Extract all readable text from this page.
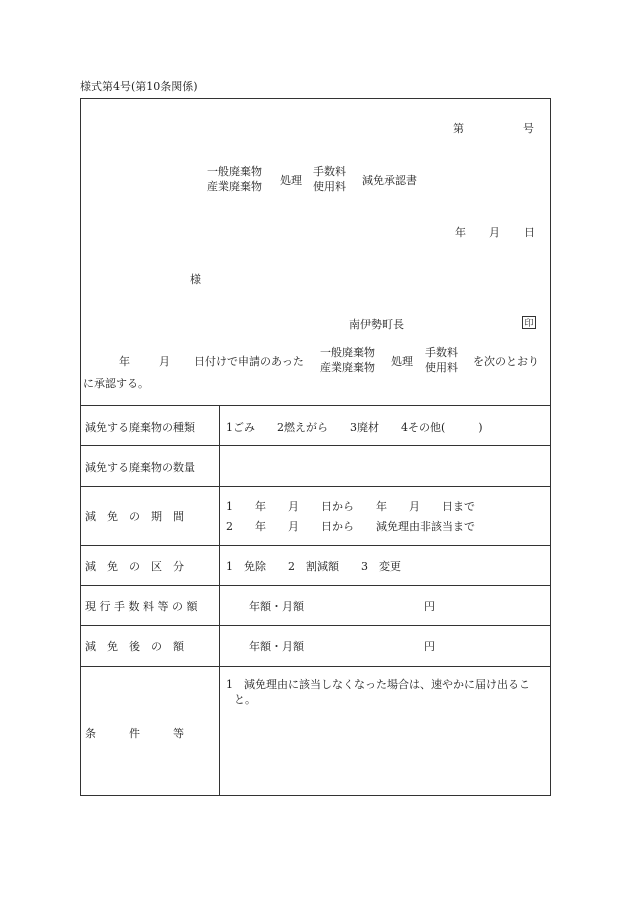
様式第4号(第10条関係)
第	号
一般廃棄物
産業廃棄物 処理
手数料
使用料 減免承認書
年 月 日
様
南伊勢町長	印
年	月 日付けで申請のあった
一般廃棄物
産業廃棄物 処理
手数料
使用料 を次のとおり
に承認する。
減免する廃棄物の種類	1ごみ　　2燃えがら　　3廃材　　4その他(　　　)
減免する廃棄物の数量
減　免　の　期　間
1　　年　　月　　日から　　年　　月　　日まで
2　　年　　月　　日から　　減免理由非該当まで
減　免　の　区　分	1　免除　　2　割減額　　3　変更
現 行 手 数 料 等 の 額	年額・月額	円
減　免　後　の　額	年額・月額	円
条　　　件　　　等
1　減免理由に該当しなくなった場合は、速やかに届け出るこ
と。
